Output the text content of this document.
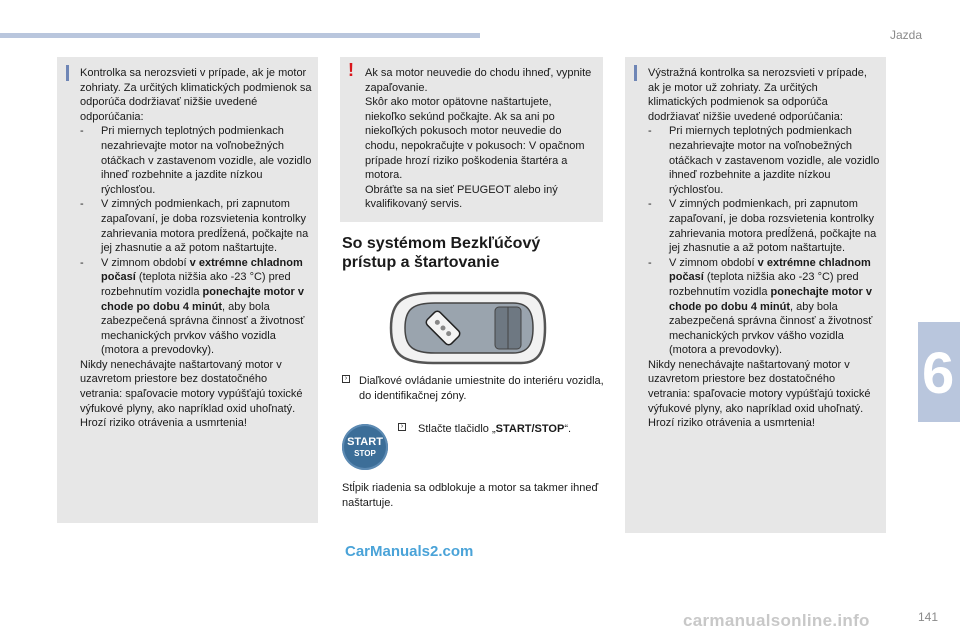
Jazda
6

Kontrolka sa nerozsvieti v prípade, ak je motor zohriaty. Za určitých klimatických podmienok sa odporúča dodržiavať nižšie uvedené odporúčania:

- Pri miernych teplotných podmienkach nezahrievajte motor na voľnobežných otáčkach v zastavenom vozidle, ale vozidlo ihneď rozbehnite a jazdite nízkou rýchlosťou.
- V zimných podmienkach, pri zapnutom zapaľovaní, je doba rozsvietenia kontrolky zahrievania motora predĺžená, počkajte na jej zhasnutie a až potom naštartujte.
- V zimnom období v extrémne chladnom počasí (teplota nižšia ako -23 °C) pred rozbehnutím vozidla ponechajte motor v chode po dobu 4 minút, aby bola zabezpečená správna činnosť a životnosť mechanických prvkov vášho vozidla (motora a prevodovky).

Nikdy nenechávajte naštartovaný motor v uzavretom priestore bez dostatočného vetrania: spaľovacie motory vypúšťajú toxické výfukové plyny, ako napríklad oxid uhoľnatý. Hrozí riziko otrávenia a usmrtenia!

! Ak sa motor neuvedie do chodu ihneď, vypnite zapaľovanie.
Skôr ako motor opätovne naštartujete, niekoľko sekúnd počkajte. Ak sa ani po niekoľkých pokusoch motor neuvedie do chodu, nepokračujte v pokusoch: V opačnom prípade hrozí riziko poškodenia štartéra a motora.
Obráťte sa na sieť PEUGEOT alebo iný kvalifikovaný servis.
So systémom Bezkľúčový
prístup a štartovanie
›	Diaľkové ovládanie umiestnite do interiéru vozidla, do identifikačnej zóny.
START
STOP
›	Stlačte tlačidlo „START/STOP“.
Stĺpik riadenia sa odblokuje a motor sa takmer ihneď naštartuje.

Výstražná kontrolka sa nerozsvieti v prípade, ak je motor už zohriaty. Za určitých klimatických podmienok sa odporúča dodržiavať nižšie uvedené odporúčania:

- Pri miernych teplotných podmienkach nezahrievajte motor na voľnobežných otáčkach v zastavenom vozidle, ale vozidlo ihneď rozbehnite a jazdite nízkou rýchlosťou.
- V zimných podmienkach, pri zapnutom zapaľovaní, je doba rozsvietenia kontrolky zahrievania motora predĺžená, počkajte na jej zhasnutie a až potom naštartujte.
- V zimnom období v extrémne chladnom počasí (teplota nižšia ako -23 °C) pred rozbehnutím vozidla ponechajte motor v chode po dobu 4 minút, aby bola zabezpečená správna činnosť a životnosť mechanických prvkov vášho vozidla (motora a prevodovky).

Nikdy nenechávajte naštartovaný motor v uzavretom priestore bez dostatočného vetrania: spaľovacie motory vypúšťajú toxické výfukové plyny, ako napríklad oxid uhoľnatý. Hrozí riziko otrávenia a usmrtenia!

CarManuals2.com
carmanualsonline.info	141
